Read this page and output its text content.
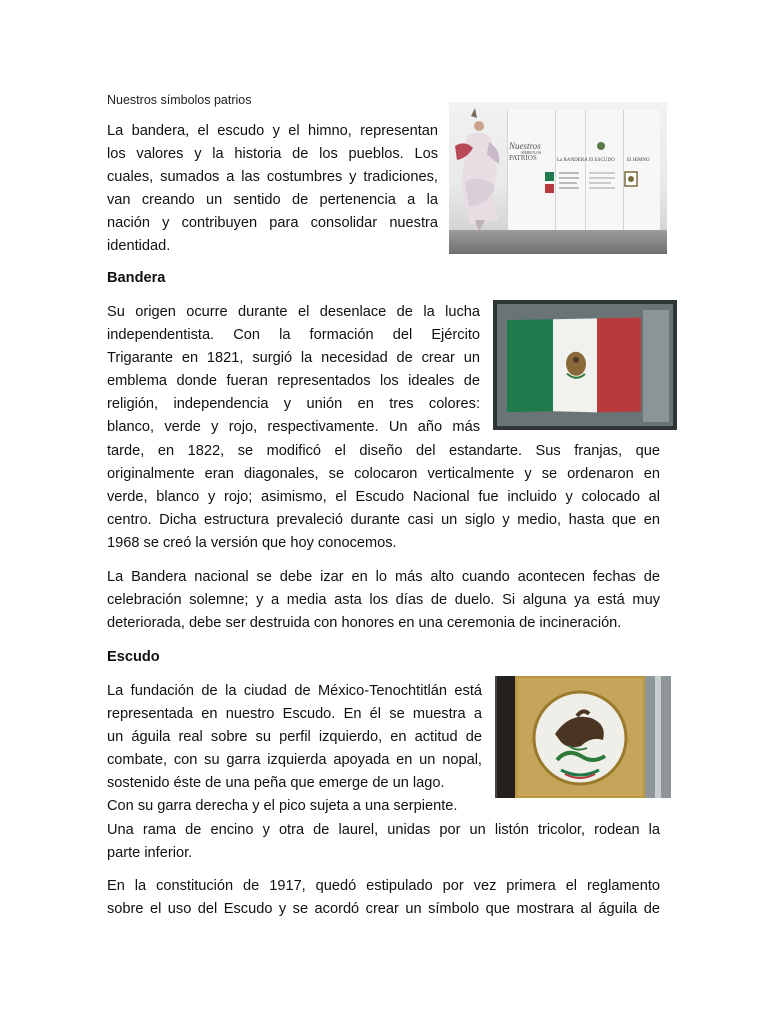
Nuestros símbolos patrios

La bandera, el escudo y el himno, representan
los valores y la historia de los pueblos. Los
cuales, sumados a las costumbres y tradiciones,
van creando un sentido de pertenencia a la
nación y contribuyen para consolidar nuestra
identidad.

Nuestros
SÍMBOLOS
PATRIOS	La BANDERA El ESCUDO El HIMNO

Bandera

Su origen ocurre durante el desenlace de la lucha
independentista. Con la formación del Ejército
Trigarante en 1821, surgió la necesidad de crear un
emblema donde fueran representados los ideales de
religión, independencia y unión en tres colores:
blanco, verde y rojo, respectivamente. Un año más
tarde, en 1822, se modificó el diseño del estandarte. Sus franjas, que
originalmente eran diagonales, se colocaron verticalmente y se ordenaron en
verde, blanco y rojo; asimismo, el Escudo Nacional fue incluido y colocado al
centro. Dicha estructura prevaleció durante casi un siglo y medio, hasta que en
1968 se creó la versión que hoy conocemos.

La Bandera nacional se debe izar en lo más alto cuando acontecen fechas de
celebración solemne; y a media asta los días de duelo. Si alguna ya está muy
deteriorada, debe ser destruida con honores en una ceremonia de incineración.

Escudo

La fundación de la ciudad de México-Tenochtitlán está
representada en nuestro Escudo. En él se muestra a
un águila real sobre su perfil izquierdo, en actitud de
combate, con su garra izquierda apoyada en un nopal,
sostenido éste de una peña que emerge de un lago.
Con su garra derecha y el pico sujeta a una serpiente.
Una rama de encino y otra de laurel, unidas por un listón tricolor, rodean la
parte inferior.

En la constitución de 1917, quedó estipulado por vez primera el reglamento
sobre el uso del Escudo y se acordó crear un símbolo que mostrara al águila de
